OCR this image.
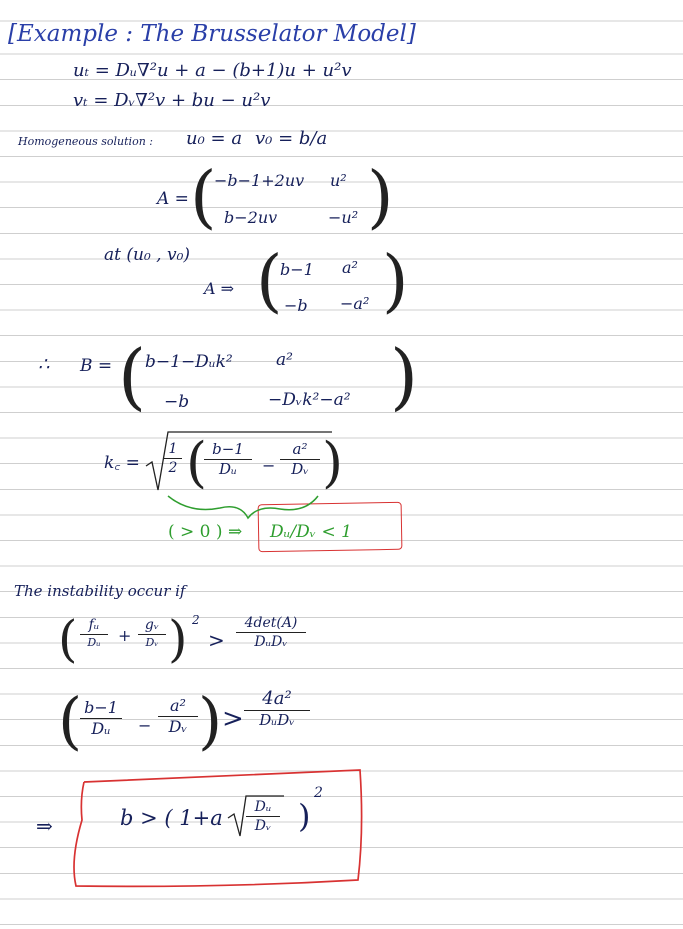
[Example : The Brusselator Model]
uₜ = Dᵤ∇²u + a − (b+1)u + u²v
vₜ = Dᵥ∇²v + bu − u²v
Homogeneous solution : u₀ = a v₀ = b/a
A = (
−b−1+2uv u²
b−2uv	−u² )
at (u₀ , v₀)
A ⇒ (
b−1 a²
−b −a² )
∴ B = (
b−1−Dᵤk²	a²
−b	−Dᵥk²−a² )
k꜀ =
1
2 ( b−1
Dᵤ	−
a²
Dᵥ )
( > 0 ) ⇒ Dᵤ/Dᵥ < 1
The instability occur if
( fᵤ
Dᵤ	+
gᵥ
Dᵥ ) 2
>
4det(A)
DᵤDᵥ
( b−1
Dᵤ	−
a²
Dᵥ ) >
4a²
DᵤDᵥ
⇒	b > ( 1+a	Dᵤ
Dᵥ )
2
